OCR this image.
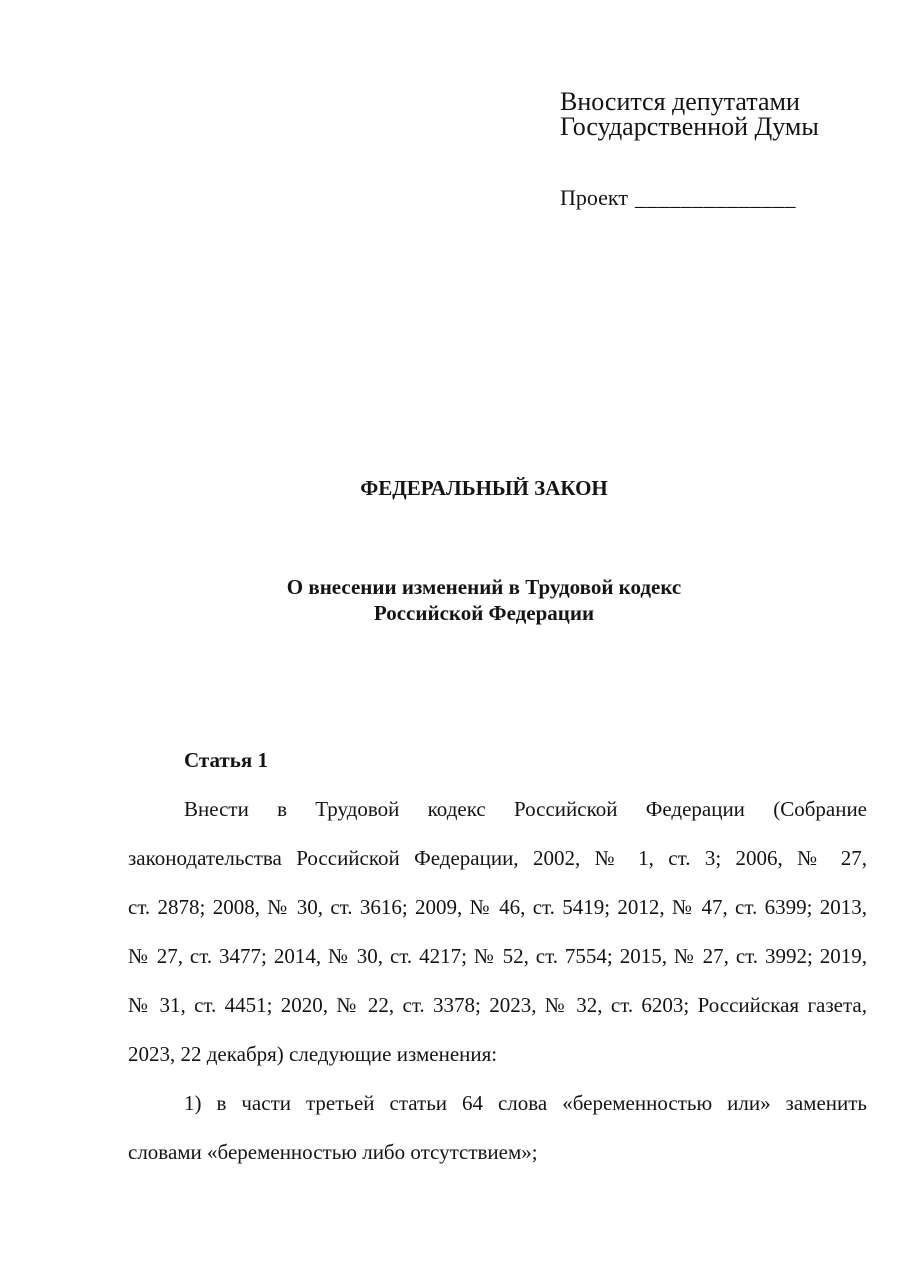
Вносится депутатами
Государственной Думы
Проект ______________
ФЕДЕРАЛЬНЫЙ ЗАКОН
О внесении изменений в Трудовой кодекс
Российской Федерации
Статья 1
Внести в Трудовой кодекс Российской Федерации (Собрание
законодательства Российской Федерации, 2002, № 1, ст. 3; 2006, № 27,
ст. 2878; 2008, № 30, ст. 3616; 2009, № 46, ст. 5419; 2012, № 47, ст. 6399; 2013,
№ 27, ст. 3477; 2014, № 30, ст. 4217; № 52, ст. 7554; 2015, № 27, ст. 3992; 2019,
№ 31, ст. 4451; 2020, № 22, ст. 3378; 2023, № 32, ст. 6203; Российская газета,
2023, 22 декабря) следующие изменения:
1) в части третьей статьи 64 слова «беременностью или» заменить
словами «беременностью либо отсутствием»;
